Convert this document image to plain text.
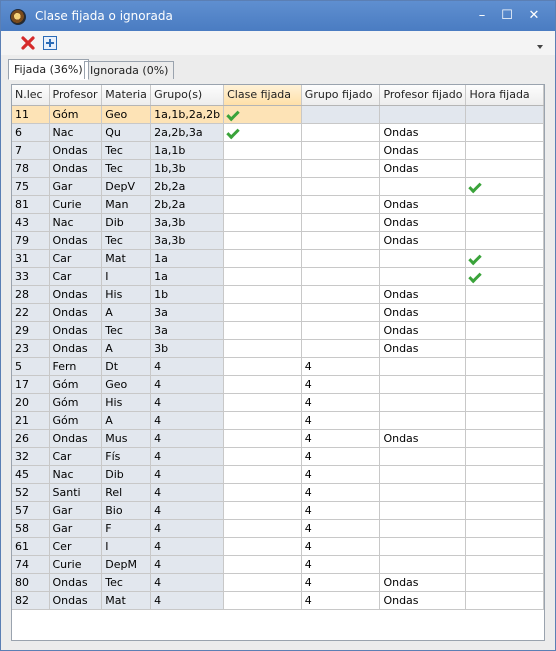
Clase fijada o ignorada	–	☐ ✕
Fijada (36%) Ignorada (0%)
N.lec	Profesor	Materia	Grupo(s)	Clase fijada	Grupo fijado	Profesor fijado	Hora fijada
11	Góm	Geo	1a,1b,2a,2b				
6	Nac	Qu	2a,2b,3a			Ondas	
7	Ondas	Tec	1a,1b			Ondas	
78	Ondas	Tec	1b,3b			Ondas	
75	Gar	DepV	2b,2a				
81	Curie	Man	2b,2a			Ondas	
43	Nac	Dib	3a,3b			Ondas	
79	Ondas	Tec	3a,3b			Ondas	
31	Car	Mat	1a				
33	Car	I	1a				
28	Ondas	His	1b			Ondas	
22	Ondas	A	3a			Ondas	
29	Ondas	Tec	3a			Ondas	
23	Ondas	A	3b			Ondas	
5	Fern	Dt	4		4		
17	Góm	Geo	4		4		
20	Góm	His	4		4		
21	Góm	A	4		4		
26	Ondas	Mus	4		4	Ondas	
32	Car	Fís	4		4		
45	Nac	Dib	4		4		
52	Santi	Rel	4		4		
57	Gar	Bio	4		4		
58	Gar	F	4		4		
61	Cer	I	4		4		
74	Curie	DepM	4		4		
80	Ondas	Tec	4		4	Ondas	
82	Ondas	Mat	4		4	Ondas	
